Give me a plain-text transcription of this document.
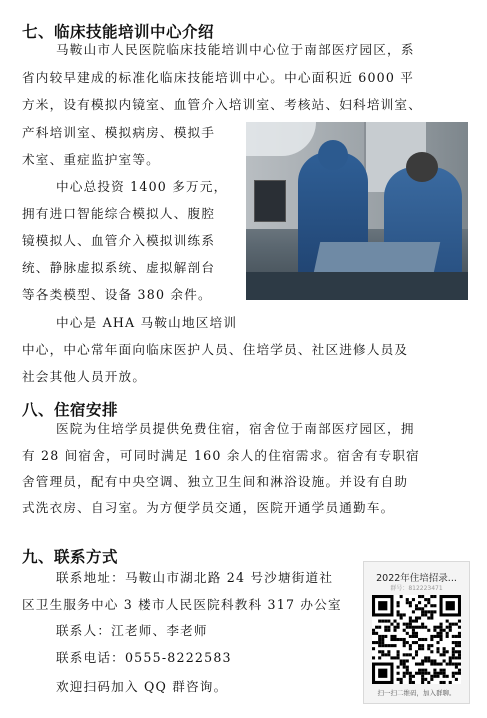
七、临床技能培训中心介绍
马鞍山市人民医院临床技能培训中心位于南部医疗园区，系
省内较早建成的标准化临床技能培训中心。中心面积近 6000 平
方米，设有模拟内镜室、血管介入培训室、考核站、妇科培训室、
产科培训室、模拟病房、模拟手
术室、重症监护室等。
中心总投资 1400 多万元，
拥有进口智能综合模拟人、腹腔
镜模拟人、血管介入模拟训练系
统、静脉虚拟系统、虚拟解剖台
等各类模型、设备 380 余件。
中心是 AHA 马鞍山地区培训
中心，中心常年面向临床医护人员、住培学员、社区进修人员及
社会其他人员开放。
八、住宿安排
医院为住培学员提供免费住宿，宿舍位于南部医疗园区，拥
有 28 间宿舍，可同时满足 160 余人的住宿需求。宿舍有专职宿
舍管理员，配有中央空调、独立卫生间和淋浴设施。并设有自助
式洗衣房、自习室。为方便学员交通，医院开通学员通勤车。
九、联系方式
联系地址：马鞍山市湖北路 24 号沙塘街道社
区卫生服务中心 3 楼市人民医院科教科 317 办公室
联系人：江老师、李老师
联系电话：0555-8222583
欢迎扫码加入 QQ 群咨询。
2022年住培招录...
群号：812223471
扫一扫二维码，加入群聊。
